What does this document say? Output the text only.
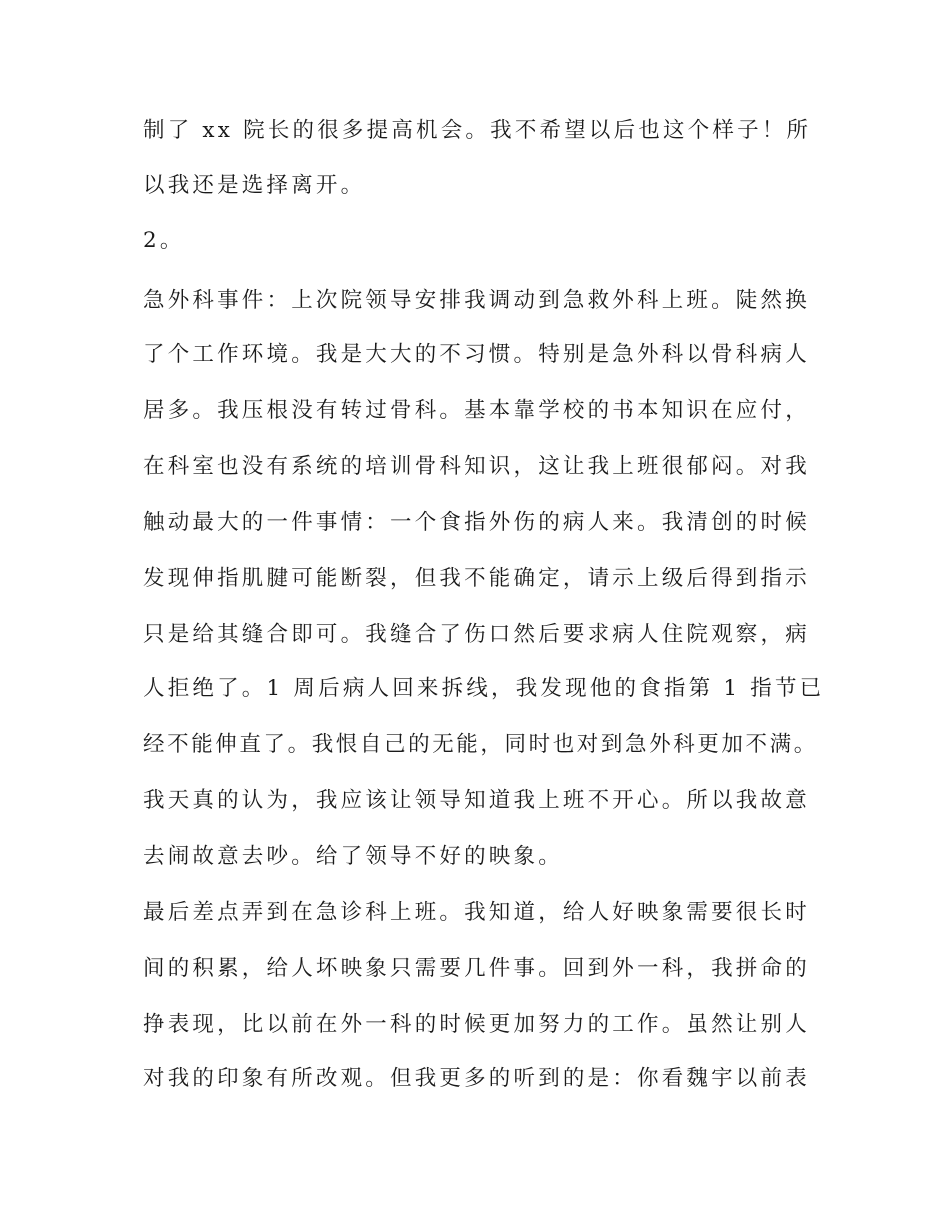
制了 xx 院长的很多提高机会。我不希望以后也这个样子！所
以我还是选择离开。
2。
急外科事件：上次院领导安排我调动到急救外科上班。陡然换
了个工作环境。我是大大的不习惯。特别是急外科以骨科病人
居多。我压根没有转过骨科。基本靠学校的书本知识在应付，
在科室也没有系统的培训骨科知识，这让我上班很郁闷。对我
触动最大的一件事情：一个食指外伤的病人来。我清创的时候
发现伸指肌腱可能断裂，但我不能确定，请示上级后得到指示
只是给其缝合即可。我缝合了伤口然后要求病人住院观察，病
人拒绝了。1 周后病人回来拆线，我发现他的食指第 1 指节已
经不能伸直了。我恨自己的无能，同时也对到急外科更加不满。
我天真的认为，我应该让领导知道我上班不开心。所以我故意
去闹故意去吵。给了领导不好的映象。
最后差点弄到在急诊科上班。我知道，给人好映象需要很长时
间的积累，给人坏映象只需要几件事。回到外一科，我拼命的
挣表现，比以前在外一科的时候更加努力的工作。虽然让别人
对我的印象有所改观。但我更多的听到的是：你看魏宇以前表
